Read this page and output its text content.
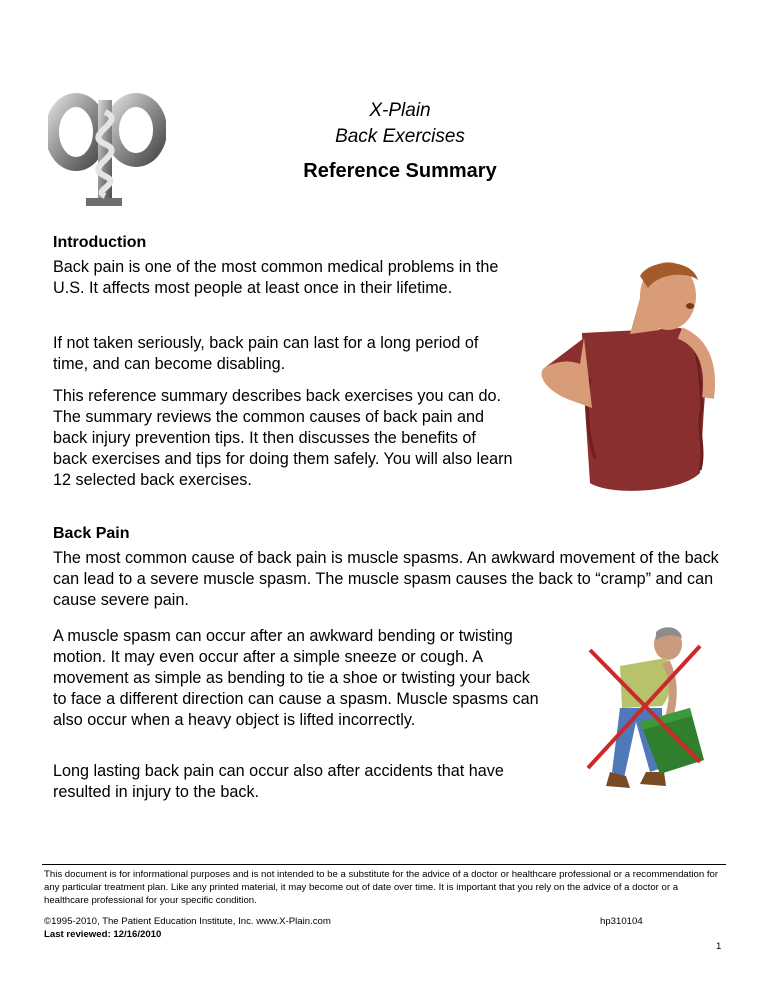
X-Plain
Back Exercises
Reference Summary
Introduction

Back pain is one of the most common medical problems in the U.S. It affects most people at least once in their lifetime.

If not taken seriously, back pain can last for a long period of time, and can become disabling.

This reference summary describes back exercises you can do. The summary reviews the common causes of back pain and back injury prevention tips. It then discusses the benefits of back exercises and tips for doing them safely. You will also learn 12 selected back exercises.

Back Pain

The most common cause of back pain is muscle spasms. An awkward movement of the back can lead to a severe muscle spasm. The muscle spasm causes the back to “cramp” and can cause severe pain.

A muscle spasm can occur after an awkward bending or twisting motion. It may even occur after a simple sneeze or cough. A movement as simple as bending to tie a shoe or twisting your back to face a different direction can cause a spasm. Muscle spasms can also occur when a heavy object is lifted incorrectly.

Long lasting back pain can occur also after accidents that have resulted in injury to the back.

This document is for informational purposes and is not intended to be a substitute for the advice of a doctor or healthcare professional or a recommendation for any particular treatment plan. Like any printed material, it may become out of date over time. It is important that you rely on the advice of a doctor or a healthcare professional for your specific condition.
©1995-2010, The Patient Education Institute, Inc. www.X-Plain.com	hp310104
Last reviewed: 12/16/2010
1
